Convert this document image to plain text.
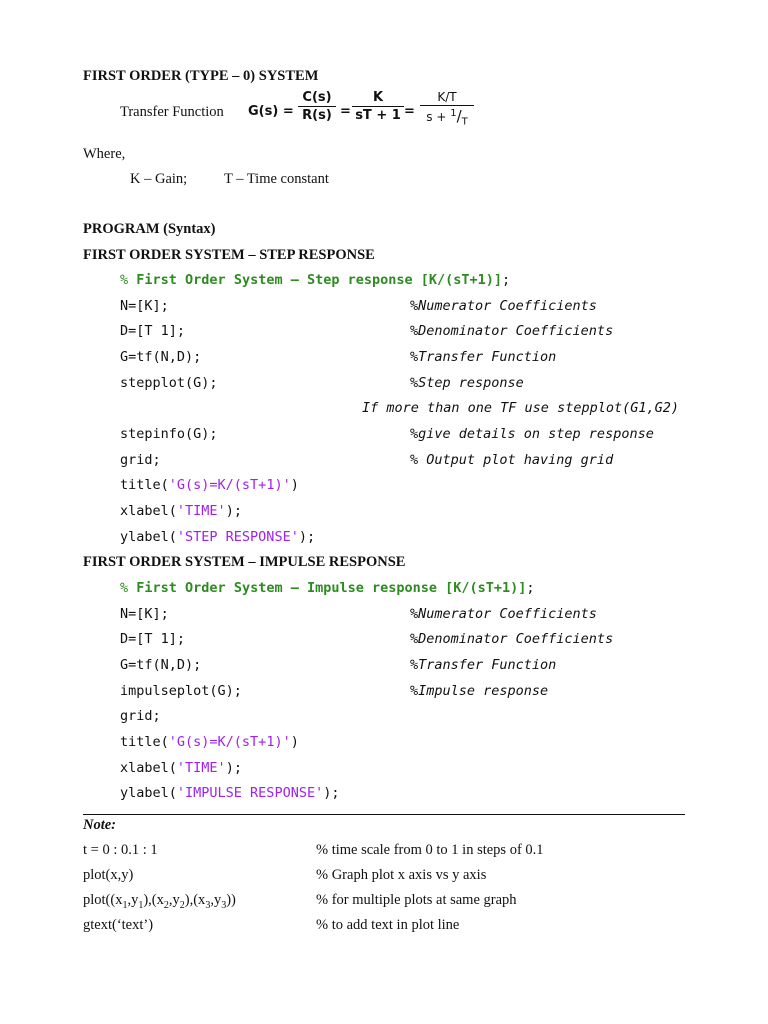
FIRST ORDER (TYPE – 0) SYSTEM
Transfer Function $G(s) = \frac{C(s)}{R(s)} = \frac{K}{sT + 1} = \frac{K/T}{s + ^1/_T}$
Where,
K – Gain;	T – Time constant
PROGRAM (Syntax)
FIRST ORDER SYSTEM – STEP RESPONSE
% First Order System – Step response [K/(sT+1)];
N=[K];	%Numerator Coefficients
D=[T 1];	%Denominator Coefficients
G=tf(N,D);	%Transfer Function
stepplot(G);	%Step response
If more than one TF use stepplot(G1,G2)
stepinfo(G);	%give details on step response
grid;	% Output plot having grid
title('G(s)=K/(sT+1)')
xlabel('TIME');
ylabel('STEP RESPONSE');
FIRST ORDER SYSTEM – IMPULSE RESPONSE
% First Order System – Impulse response [K/(sT+1)];
N=[K];	%Numerator Coefficients
D=[T 1];	%Denominator Coefficients
G=tf(N,D);	%Transfer Function
impulseplot(G);	%Impulse response
grid;
title('G(s)=K/(sT+1)')
xlabel('TIME');
ylabel('IMPULSE RESPONSE');
Note:
t = 0 : 0.1 : 1	% time scale from 0 to 1 in steps of 0.1
plot(x,y)	% Graph plot x axis vs y axis
$plot((x_1,y_1),(x_2,y_2),(x_3,y_3))$	% for multiple plots at same graph
gtext(‘text’)	% to add text in plot line
